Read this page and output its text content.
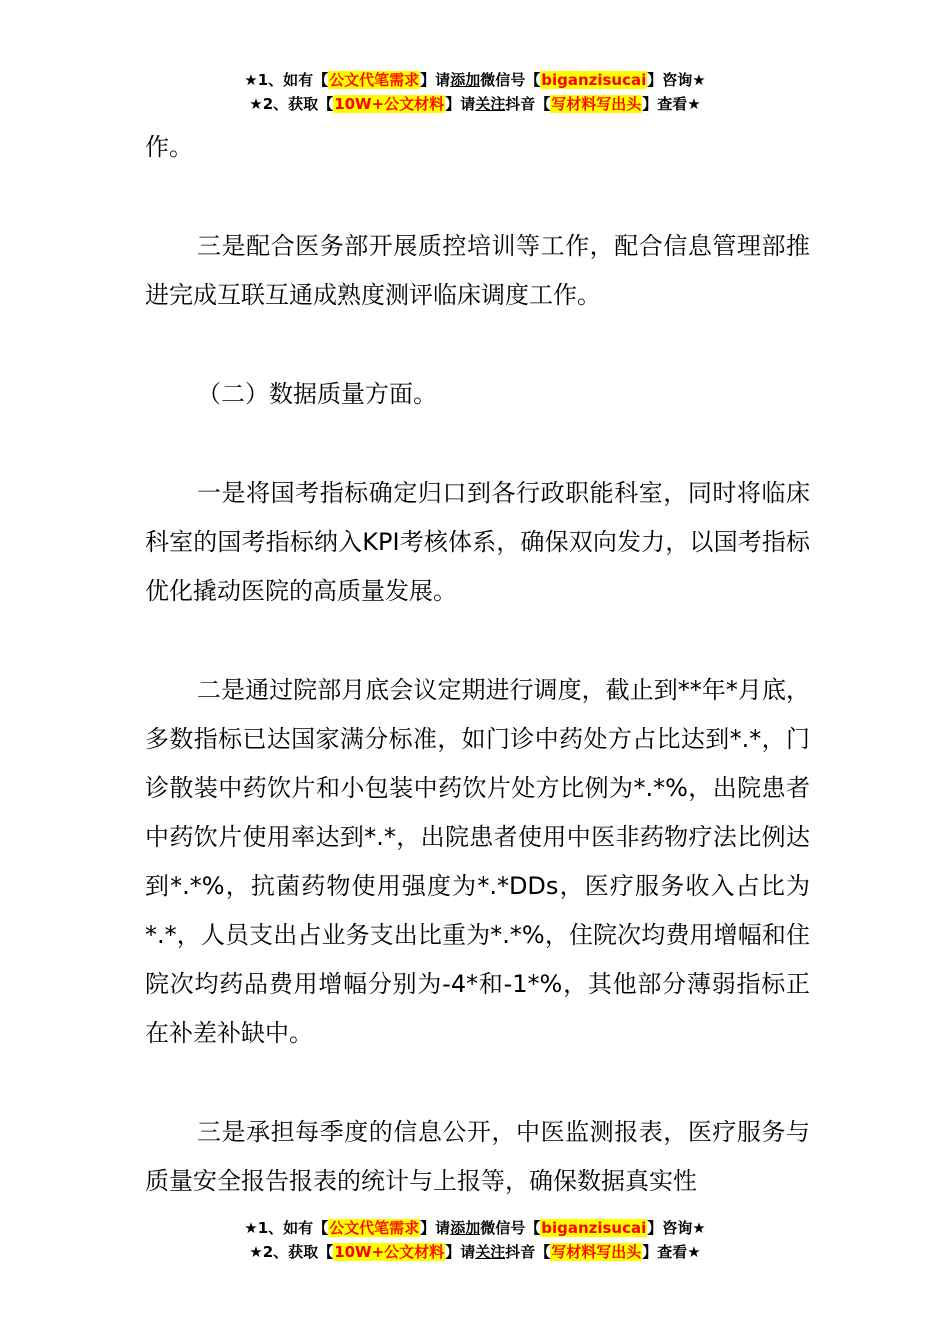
★1、如有【公文代笔需求】请添加微信号【biganzisucai】咨询★
★2、获取【10W+公文材料】请关注抖音【写材料写出头】查看★

作。

三是配合医务部开展质控培训等工作，配合信息管理部推进完成互联互通成熟度测评临床调度工作。

（二）数据质量方面。

一是将国考指标确定归口到各行政职能科室，同时将临床科室的国考指标纳入KPI考核体系，确保双向发力，以国考指标优化撬动医院的高质量发展。

二是通过院部月底会议定期进行调度，截止到**年*月底，多数指标已达国家满分标准，如门诊中药处方占比达到*.*，门诊散装中药饮片和小包装中药饮片处方比例为*.*%，出院患者中药饮片使用率达到*.*，出院患者使用中医非药物疗法比例达到*.*%，抗菌药物使用强度为*.*DDs，医疗服务收入占比为*.*，人员支出占业务支出比重为*.*%，住院次均费用增幅和住院次均药品费用增幅分别为-4*和-1*%，其他部分薄弱指标正在补差补缺中。

三是承担每季度的信息公开，中医监测报表，医疗服务与质量安全报告报表的统计与上报等，确保数据真实性

★1、如有【公文代笔需求】请添加微信号【biganzisucai】咨询★
★2、获取【10W+公文材料】请关注抖音【写材料写出头】查看★
